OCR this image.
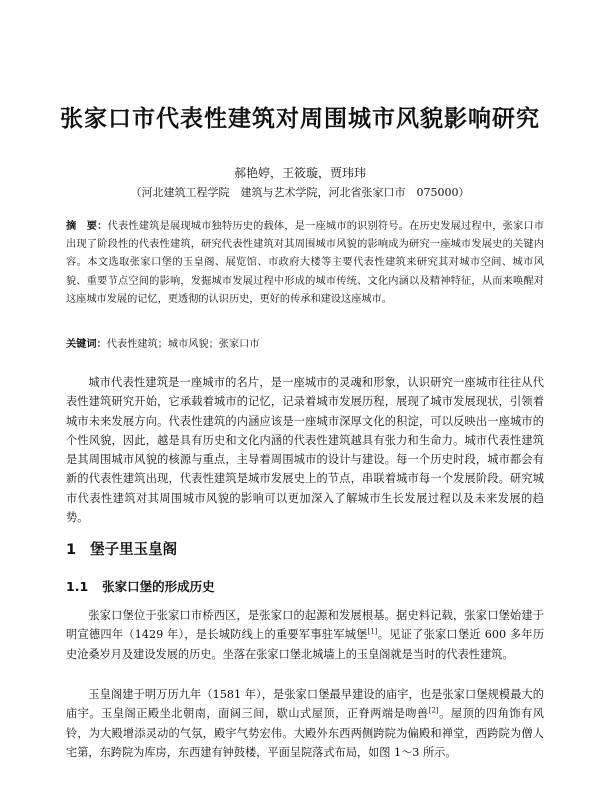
张家口市代表性建筑对周围城市风貌影响研究
郝艳婷，王筱璇，贾玮玮
（河北建筑工程学院　建筑与艺术学院，河北省张家口市　075000）
摘　要：代表性建筑是展现城市独特历史的载体，是一座城市的识别符号。在历史发展过程中，张家口市出现了阶段性的代表性建筑，研究代表性建筑对其周围城市风貌的影响成为研究一座城市发展史的关键内容。本文选取张家口堡的玉皇阁、展览馆、市政府大楼等主要代表性建筑来研究其对城市空间、城市风貌、重要节点空间的影响，发掘城市发展过程中形成的城市传统、文化内涵以及精神特征，从而来唤醒对这座城市发展的记忆，更透彻的认识历史，更好的传承和建设这座城市。
关键词：代表性建筑；城市风貌；张家口市
城市代表性建筑是一座城市的名片，是一座城市的灵魂和形象，认识研究一座城市往往从代表性建筑研究开始，它承载着城市的记忆，记录着城市发展历程，展现了城市发展现状，引领着城市未来发展方向。代表性建筑的内涵应该是一座城市深厚文化的积淀，可以反映出一座城市的个性风貌，因此，越是具有历史和文化内涵的代表性建筑越具有张力和生命力。城市代表性建筑是其周围城市风貌的核源与重点，主导着周围城市的设计与建设。每一个历史时段，城市都会有新的代表性建筑出现，代表性建筑是城市发展史上的节点，串联着城市每一个发展阶段。研究城市代表性建筑对其周围城市风貌的影响可以更加深入了解城市生长发展过程以及未来发展的趋势。
1 堡子里玉皇阁
1.1 张家口堡的形成历史
张家口堡位于张家口市桥西区，是张家口的起源和发展根基。据史料记载，张家口堡始建于明宣德四年（1429 年），是长城防线上的重要军事驻军城堡[1]。见证了张家口堡近 600 多年历史沧桑岁月及建设发展的历史。坐落在张家口堡北城墙上的玉皇阁就是当时的代表性建筑。
玉皇阁建于明万历九年（1581 年），是张家口堡最早建设的庙宇，也是张家口堡规模最大的庙宇。玉皇阁正殿坐北朝南，面阔三间，歇山式屋顶，正脊两端是吻兽[2]。屋顶的四角饰有风铃，为大殿增添灵动的气氛，殿宇气势宏伟。大殿外东西两侧跨院为偏殿和禅堂，西跨院为僧人宅第，东跨院为库房，东西建有钟鼓楼，平面呈院落式布局，如图 1～3 所示。
